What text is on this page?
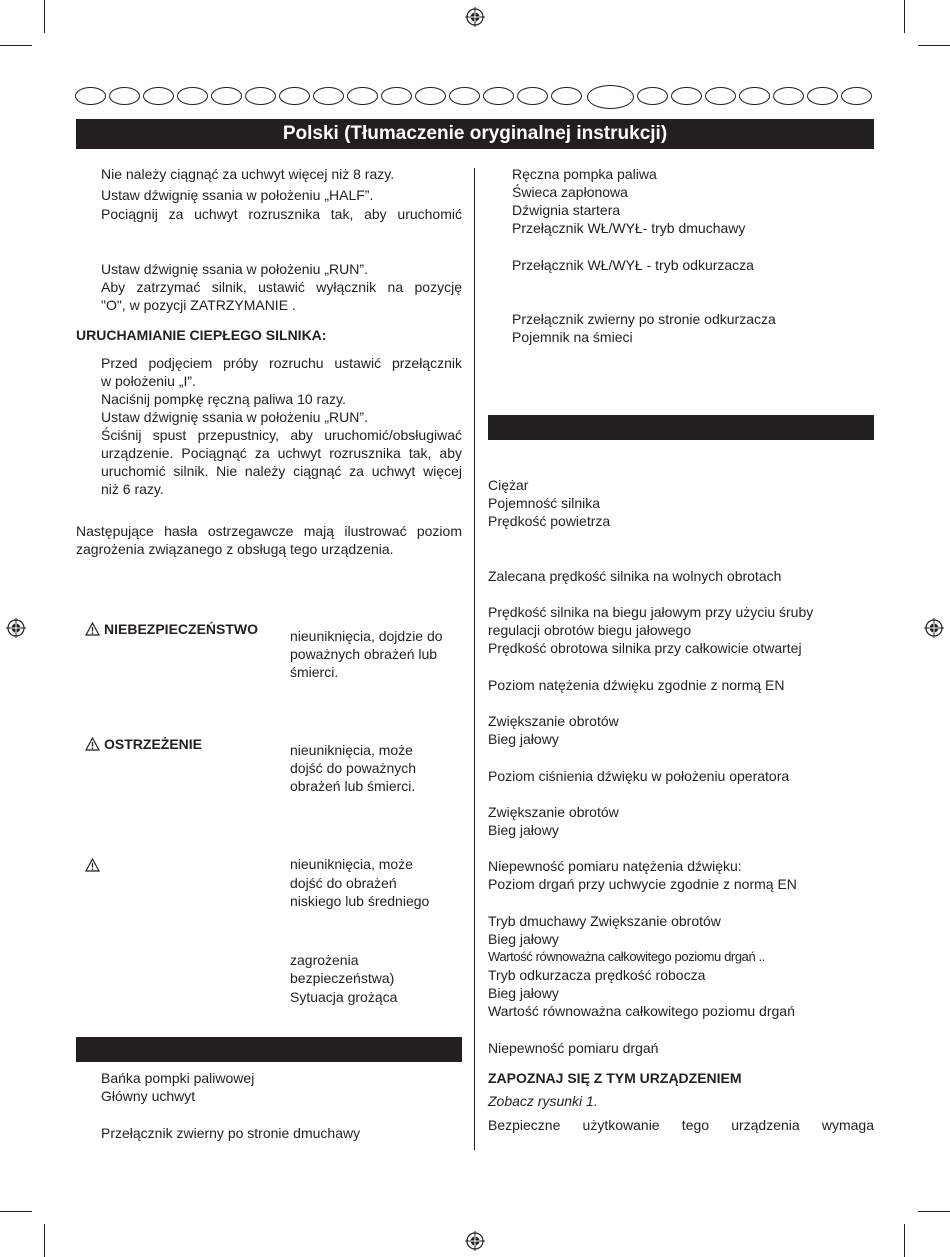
Polski (Tłumaczenie oryginalnej instrukcji)
Nie należy ciągnąć za uchwyt więcej niż 8 razy.
Ustaw dźwignię ssania w położeniu „HALF”.
Pociągnij za uchwyt rozrusznika tak, aby uruchomić
Ustaw dźwignię ssania w położeniu „RUN”.
Aby zatrzymać silnik, ustawić wyłącznik na pozycję
"O", w pozycji ZATRZYMANIE .
URUCHAMIANIE CIEPŁEGO SILNIKA:
Przed podjęciem próby rozruchu ustawić przełącznik
w położeniu „I”.
Naciśnij pompkę ręczną paliwa 10 razy.
Ustaw dźwignię ssania w położeniu „RUN”.
Ściśnij spust przepustnicy, aby uruchomić/obsługiwać
urządzenie. Pociągnąć za uchwyt rozrusznika tak, aby
uruchomić silnik. Nie należy ciągnąć za uchwyt więcej
niż 6 razy.
Następujące hasła ostrzegawcze mają ilustrować poziom
zagrożenia związanego z obsługą tego urządzenia.
NIEBEZPIECZEŃSTWO nieuniknięcia, dojdzie do
poważnych obrażeń lub
śmierci.
OSTRZEŻENIE	nieuniknięcia, może
dojść do poważnych
obrażeń lub śmierci.
nieuniknięcia, może
dojść do obrażeń
niskiego lub średniego
zagrożenia
bezpieczeństwa)
Sytuacja grożąca
Bańka pompki paliwowej
Główny uchwyt
Przełącznik zwierny po stronie dmuchawy
Ręczna pompka paliwa
Świeca zapłonowa
Dźwignia startera
Przełącznik WŁ/WYŁ- tryb dmuchawy
Przełącznik WŁ/WYŁ - tryb odkurzacza
Przełącznik zwierny po stronie odkurzacza
Pojemnik na śmieci
Ciężar
Pojemność silnika
Prędkość powietrza
Zalecana prędkość silnika na wolnych obrotach
Prędkość silnika na biegu jałowym przy użyciu śruby
regulacji obrotów biegu jałowego
Prędkość obrotowa silnika przy całkowicie otwartej
Poziom natężenia dźwięku zgodnie z normą EN
Zwiększanie obrotów
Bieg jałowy
Poziom ciśnienia dźwięku w położeniu operatora
Zwiększanie obrotów
Bieg jałowy
Niepewność pomiaru natężenia dźwięku:
Poziom drgań przy uchwycie zgodnie z normą EN
Tryb dmuchawy Zwiększanie obrotów
Bieg jałowy
Wartość równoważna całkowitego poziomu drgań ..
Tryb odkurzacza prędkość robocza
Bieg jałowy
Wartość równoważna całkowitego poziomu drgań
Niepewność pomiaru drgań
ZAPOZNAJ SIĘ Z TYM URZĄDZENIEM
Zobacz rysunki 1.
Bezpieczne użytkowanie tego urządzenia wymaga
